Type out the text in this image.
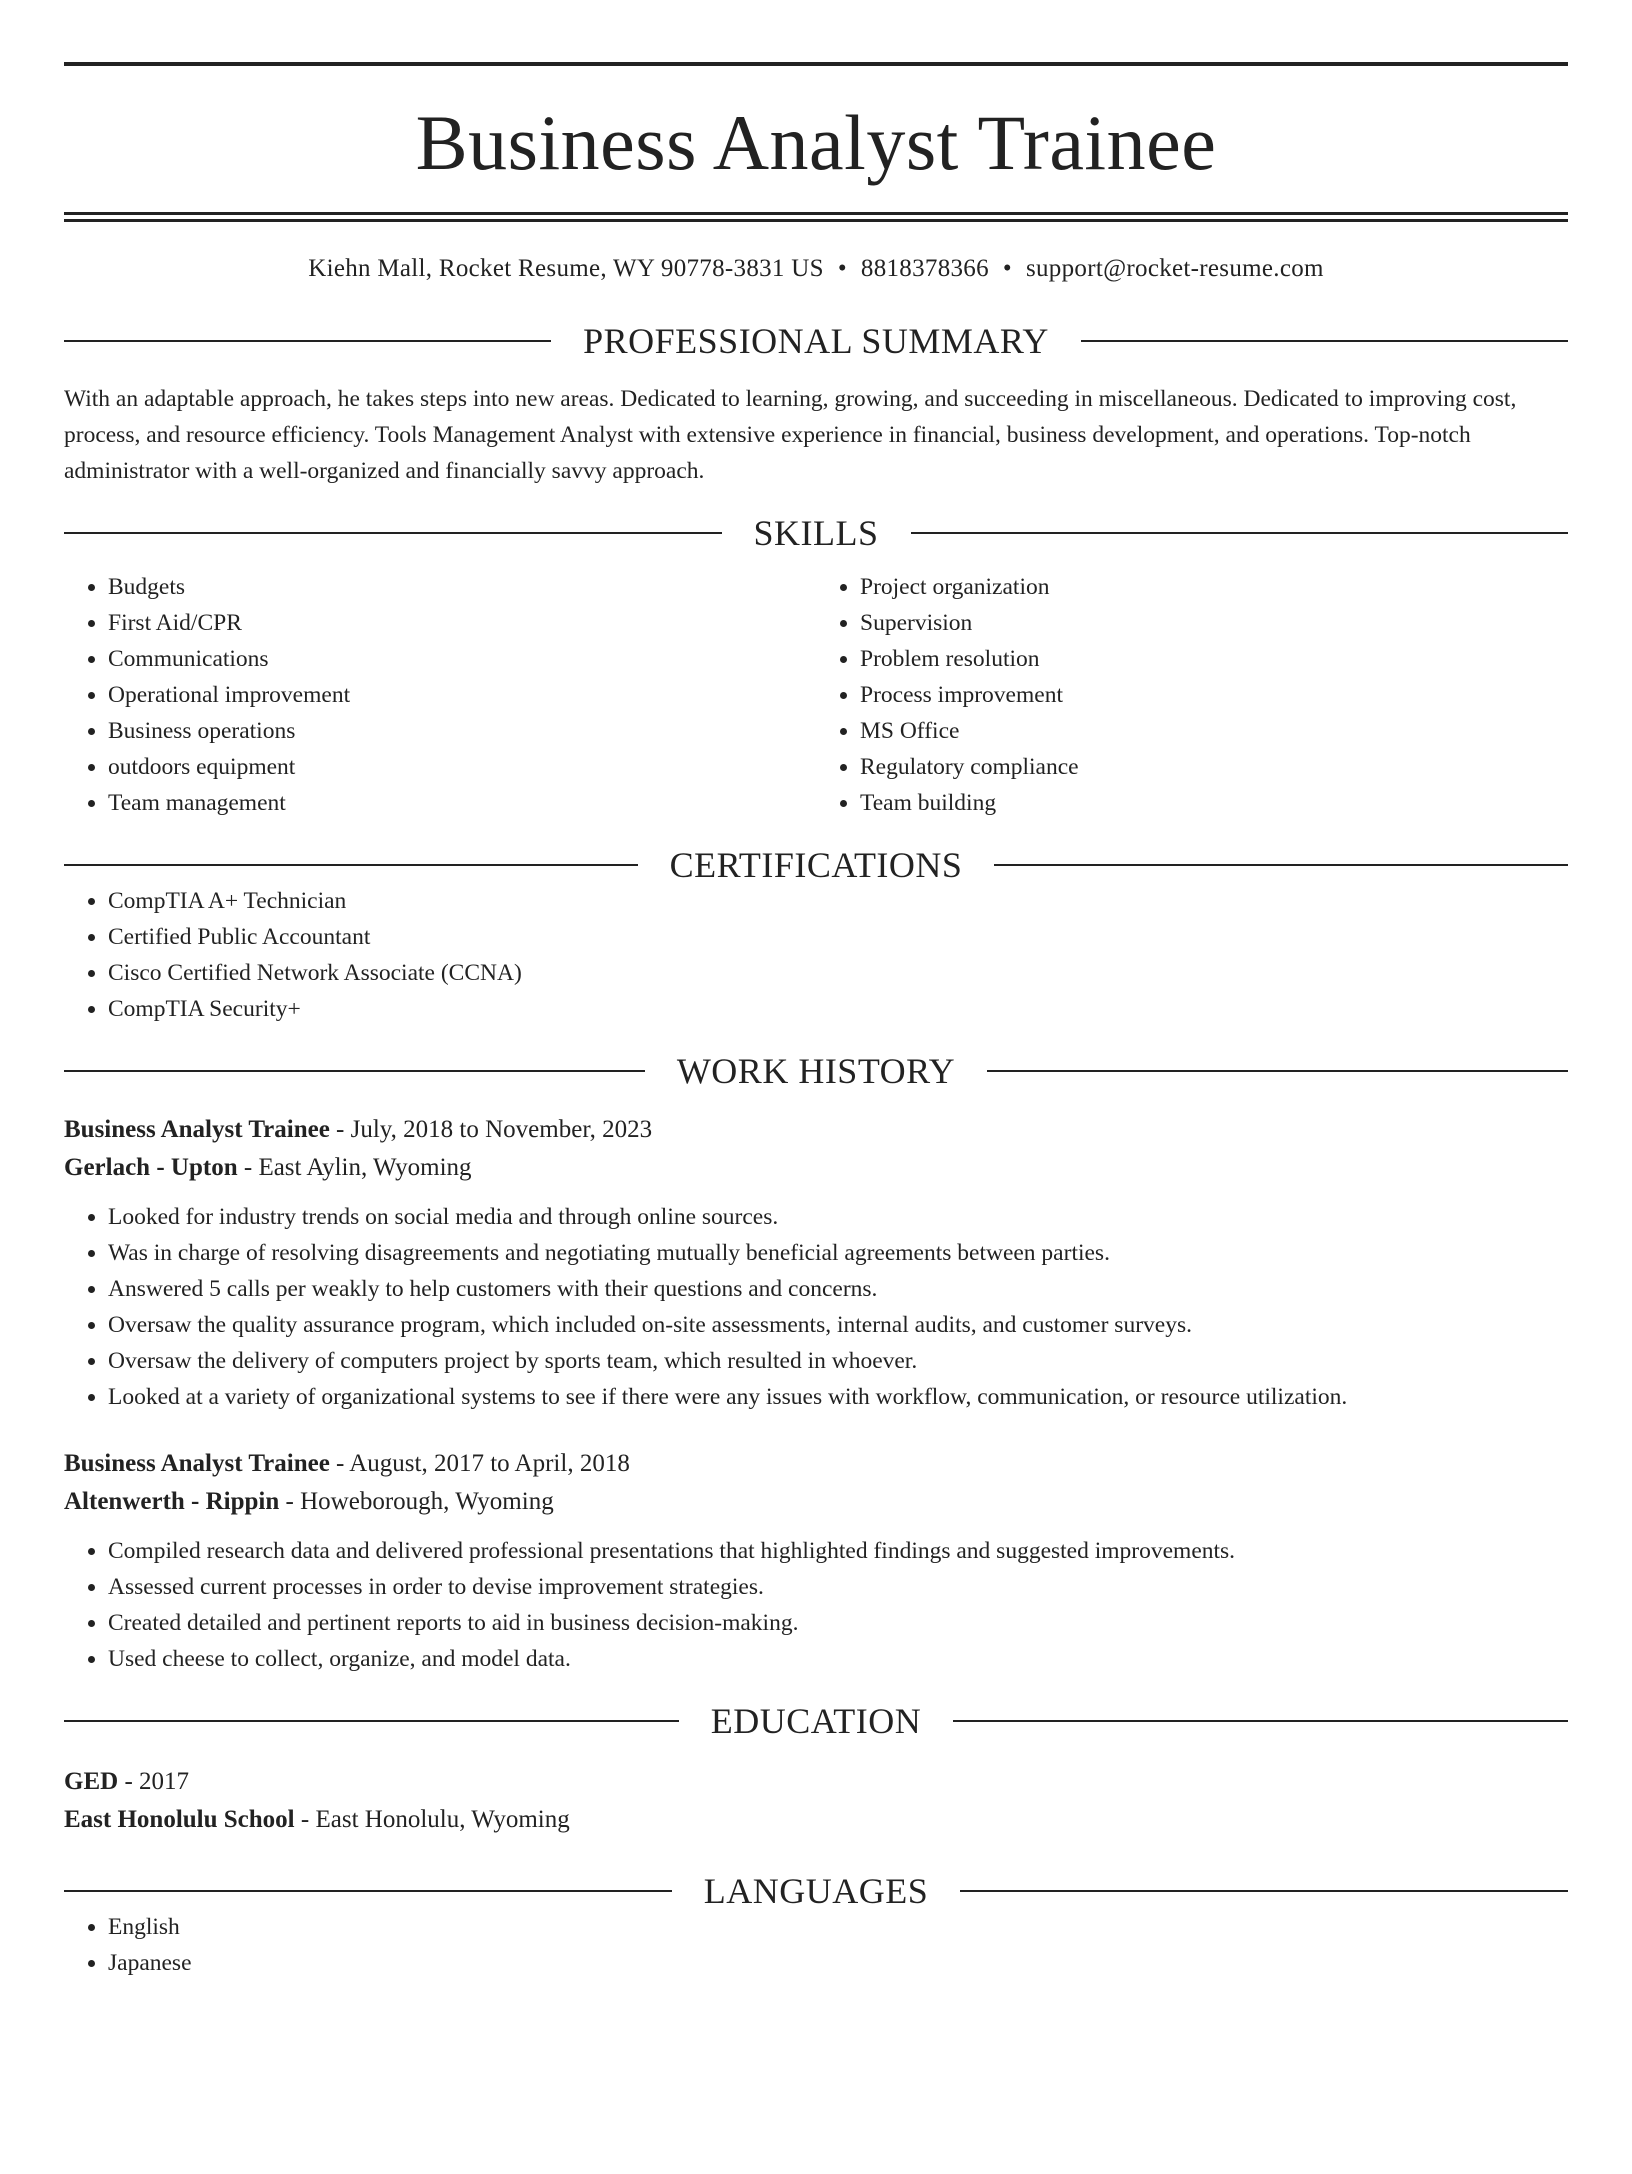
Business Analyst Trainee
Kiehn Mall, Rocket Resume, WY 90778-3831 US • 8818378366 • support@rocket-resume.com
PROFESSIONAL SUMMARY
With an adaptable approach, he takes steps into new areas. Dedicated to learning, growing, and succeeding in miscellaneous. Dedicated to improving cost, process, and resource efficiency. Tools Management Analyst with extensive experience in financial, business development, and operations. Top-notch administrator with a well-organized and financially savvy approach.
SKILLS
• Budgets
• First Aid/CPR
• Communications
• Operational improvement
• Business operations
• outdoors equipment
• Team management
• Project organization
• Supervision
• Problem resolution
• Process improvement
• MS Office
• Regulatory compliance
• Team building
CERTIFICATIONS
• CompTIA A+ Technician
• Certified Public Accountant
• Cisco Certified Network Associate (CCNA)
• CompTIA Security+
WORK HISTORY
Business Analyst Trainee - July, 2018 to November, 2023
Gerlach - Upton - East Aylin, Wyoming
• Looked for industry trends on social media and through online sources.
• Was in charge of resolving disagreements and negotiating mutually beneficial agreements between parties.
• Answered 5 calls per weakly to help customers with their questions and concerns.
• Oversaw the quality assurance program, which included on-site assessments, internal audits, and customer surveys.
• Oversaw the delivery of computers project by sports team, which resulted in whoever.
• Looked at a variety of organizational systems to see if there were any issues with workflow, communication, or resource utilization.
Business Analyst Trainee - August, 2017 to April, 2018
Altenwerth - Rippin - Howeborough, Wyoming
• Compiled research data and delivered professional presentations that highlighted findings and suggested improvements.
• Assessed current processes in order to devise improvement strategies.
• Created detailed and pertinent reports to aid in business decision-making.
• Used cheese to collect, organize, and model data.
EDUCATION
GED - 2017
East Honolulu School - East Honolulu, Wyoming
LANGUAGES
• English
• Japanese
